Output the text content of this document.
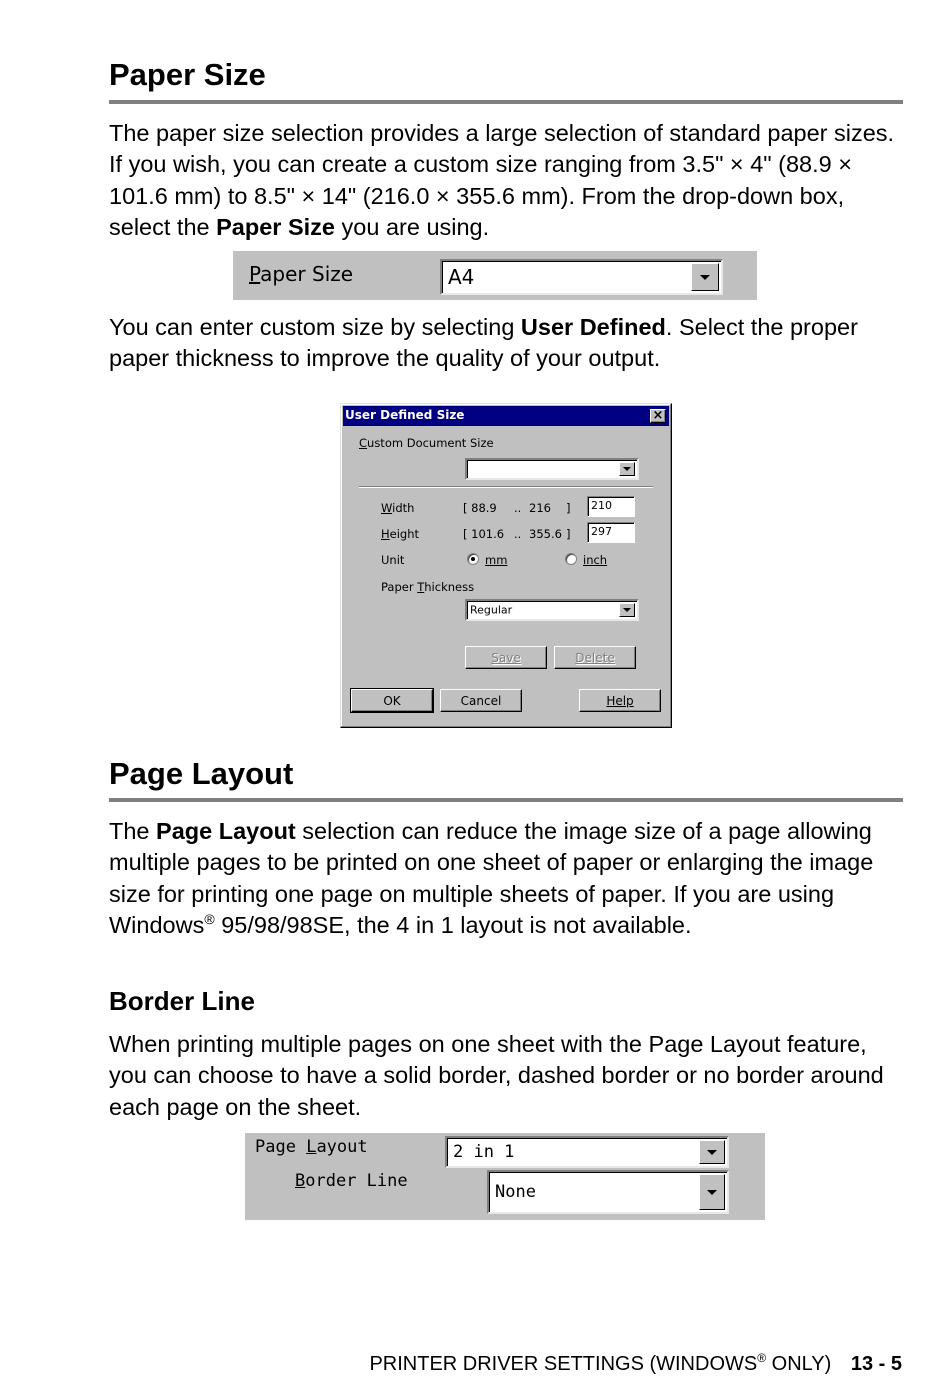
Paper Size

The paper size selection provides a large selection of standard paper sizes. If you wish, you can create a custom size ranging from 3.5" × 4" (88.9 × 101.6 mm) to 8.5" × 14" (216.0 × 355.6 mm). From the drop-down box, select the Paper Size you are using.

Paper Size	A4

You can enter custom size by selecting User Defined. Select the proper paper thickness to improve the quality of your output.

User Defined Size	×
Custom Document Size
Width	[ 88.9 .. 216 ]	210
Height	[ 101.6 .. 355.6 ]	297
Unit	mm	inch
Paper Thickness
Regular
Save	Delete
OK	Cancel	Help
Page Layout

The Page Layout selection can reduce the image size of a page allowing multiple pages to be printed on one sheet of paper or enlarging the image size for printing one page on multiple sheets of paper. If you are using Windows® 95/98/98SE, the 4 in 1 layout is not available.

Border Line

When printing multiple pages on one sheet with the Page Layout feature, you can choose to have a solid border, dashed border or no border around each page on the sheet.

Page Layout	2 in 1
Border Line
None
PRINTER DRIVER SETTINGS (WINDOWS® ONLY) 13 - 5
